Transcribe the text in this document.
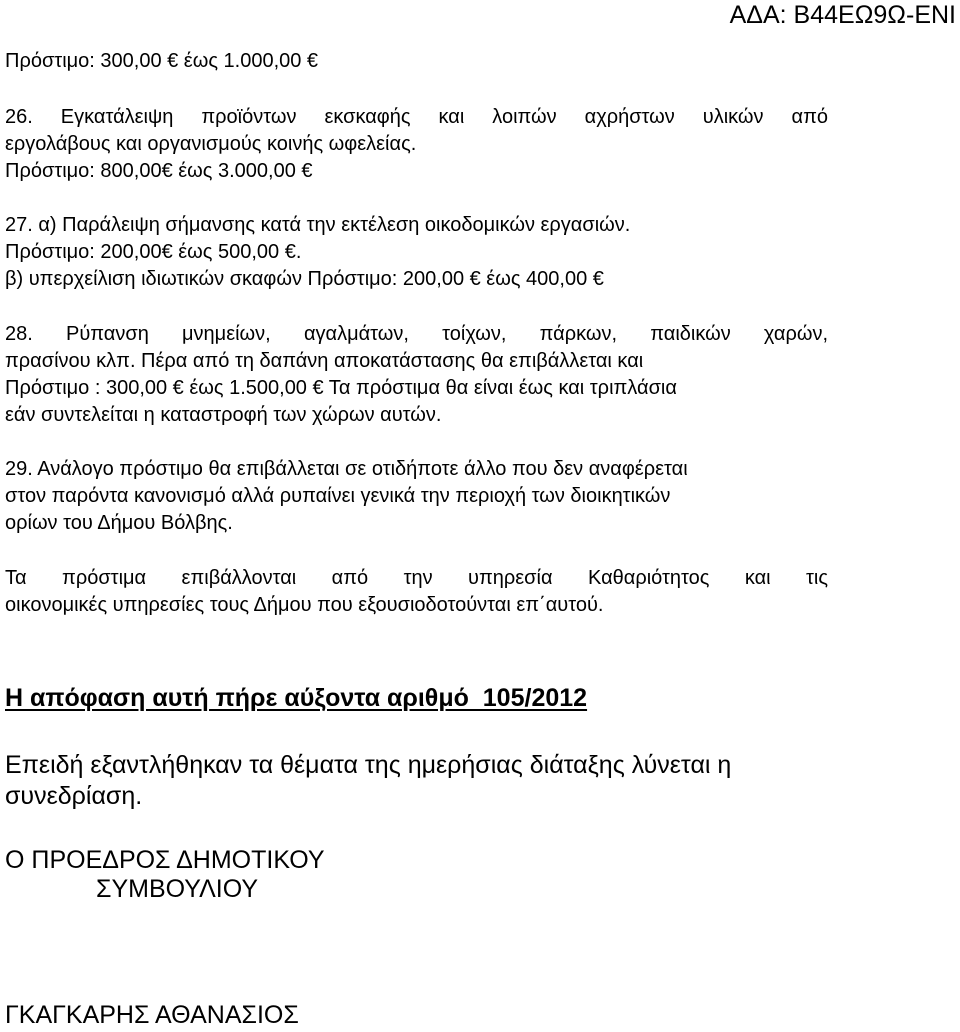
ΑΔΑ: Β44ΕΩ9Ω-ΕΝΙ
Πρόστιμο: 300,00 € έως 1.000,00 €
26. Εγκατάλειψη προϊόντων εκσκαφής και λοιπών αχρήστων υλικών από
εργολάβους και οργανισμούς κοινής ωφελείας.
Πρόστιμο: 800,00€ έως 3.000,00 €
27. α) Παράλειψη σήμανσης κατά την εκτέλεση οικοδομικών εργασιών.
Πρόστιμο: 200,00€ έως 500,00 €.
β) υπερχείλιση ιδιωτικών σκαφών Πρόστιμο: 200,00 € έως 400,00 €
28. Ρύπανση μνημείων, αγαλμάτων, τοίχων, πάρκων, παιδικών χαρών,
πρασίνου κλπ. Πέρα από τη δαπάνη αποκατάστασης θα επιβάλλεται και
Πρόστιμο : 300,00 € έως 1.500,00 € Τα πρόστιμα θα είναι έως και τριπλάσια
εάν συντελείται η καταστροφή των χώρων αυτών.
29. Ανάλογο πρόστιμο θα επιβάλλεται σε οτιδήποτε άλλο που δεν αναφέρεται
στον παρόντα κανονισμό αλλά ρυπαίνει γενικά την περιοχή των διοικητικών
ορίων του Δήμου Βόλβης.
Τα πρόστιμα επιβάλλονται από την υπηρεσία Καθαριότητος και τις
οικονομικές υπηρεσίες τους Δήμου που εξουσιοδοτούνται επ΄αυτού.
Η απόφαση αυτή πήρε αύξοντα αριθμό  105/2012
Επειδή εξαντλήθηκαν τα θέματα της ημερήσιας διάταξης λύνεται η
συνεδρίαση.
Ο ΠΡΟΕΔΡΟΣ ΔΗΜΟΤΙΚΟΥ
ΣΥΜΒΟΥΛΙΟΥ
ΓΚΑΓΚΑΡΗΣ ΑΘΑΝΑΣΙΟΣ
